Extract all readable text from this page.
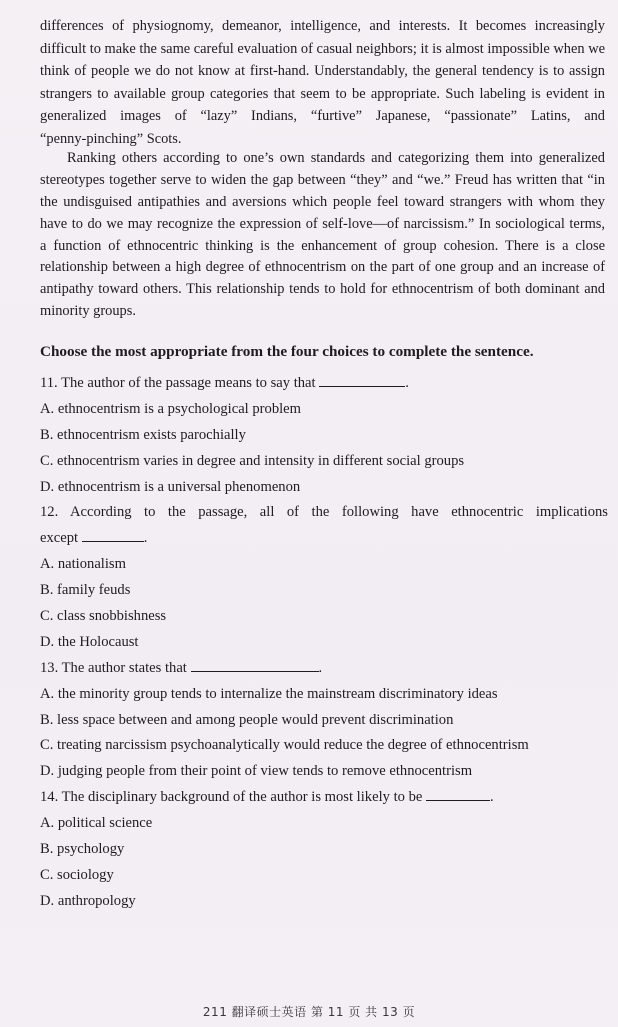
differences of physiognomy, demeanor, intelligence, and interests. It becomes increasingly
difficult to make the same careful evaluation of casual neighbors; it is almost impossible when we
think of people we do not know at first-hand. Understandably, the general tendency is to assign
strangers to available group categories that seem to be appropriate. Such labeling is evident in
generalized images of “lazy” Indians, “furtive” Japanese, “passionate” Latins, and
“penny-pinching” Scots.
Ranking others according to one’s own standards and categorizing them into generalized
stereotypes together serve to widen the gap between “they” and “we.” Freud has written that “in
the undisguised antipathies and aversions which people feel toward strangers with whom they
have to do we may recognize the expression of self-love—of narcissism.” In sociological terms,
a function of ethnocentric thinking is the enhancement of group cohesion. There is a close
relationship between a high degree of ethnocentrism on the part of one group and an increase of
antipathy toward others. This relationship tends to hold for ethnocentrism of both dominant and
minority groups.
Choose the most appropriate from the four choices to complete the sentence.
11. The author of the passage means to say that	.
A. ethnocentrism is a psychological problem
B. ethnocentrism exists parochially
C. ethnocentrism varies in degree and intensity in different social groups
D. ethnocentrism is a universal phenomenon
12. According to the passage, all of the following have ethnocentric implications
except	.
A. nationalism
B. family feuds
C. class snobbishness
D. the Holocaust
13. The author states that	.
A. the minority group tends to internalize the mainstream discriminatory ideas
B. less space between and among people would prevent discrimination
C. treating narcissism psychoanalytically would reduce the degree of ethnocentrism
D. judging people from their point of view tends to remove ethnocentrism
14. The disciplinary background of the author is most likely to be	.
A. political science
B. psychology
C. sociology
D. anthropology
211 翻译硕士英语 第 11 页 共 13 页
